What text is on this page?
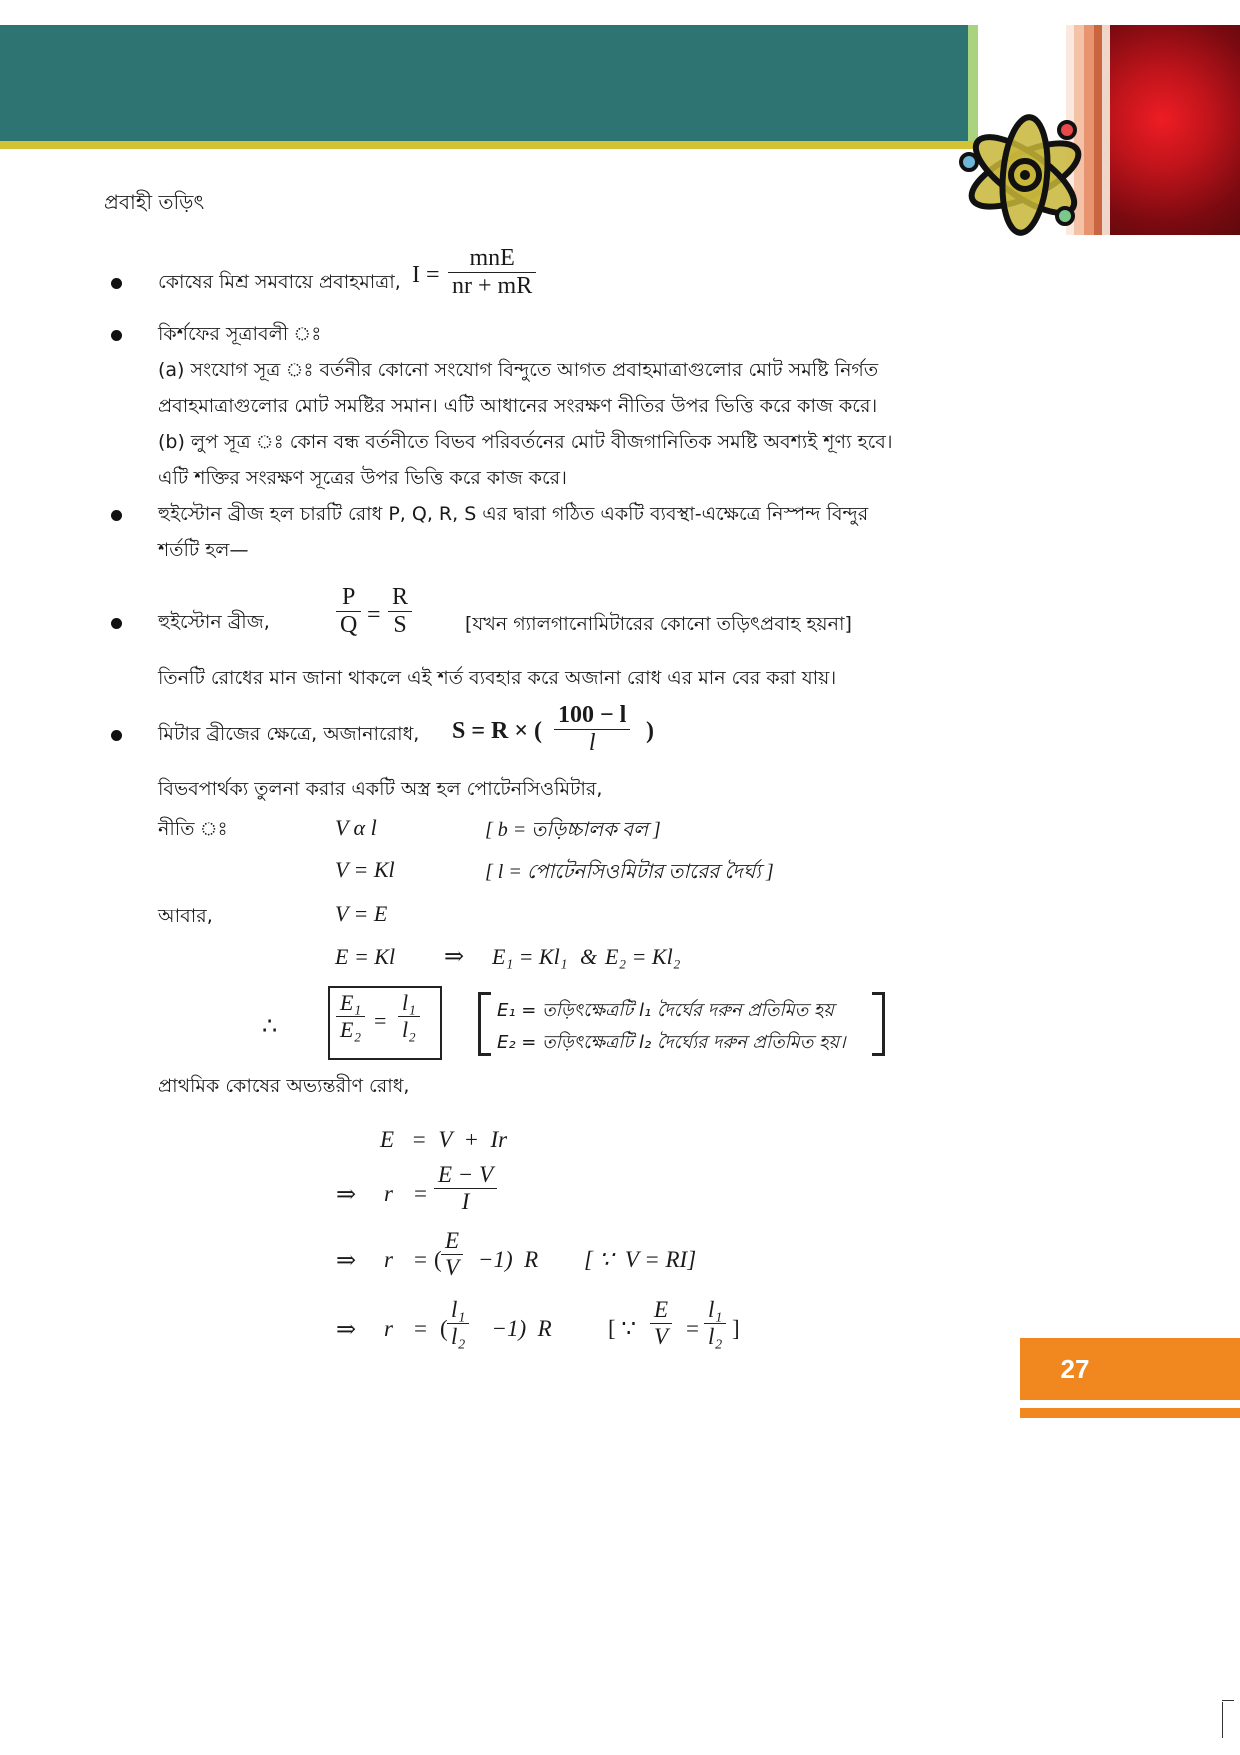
প্রবাহী তড়িৎ
কোষের মিশ্র সমবায়ে প্রবাহমাত্রা, I =
mnE
nr + mR
কির্শফের সূত্রাবলী ঃ
(a) সংযোগ সূত্র ঃ বর্তনীর কোনো সংযোগ বিন্দুতে আগত প্রবাহমাত্রাগুলোর মোট সমষ্টি নির্গত
প্রবাহমাত্রাগুলোর মোট সমষ্টির সমান। এটি আধানের সংরক্ষণ নীতির উপর ভিত্তি করে কাজ করে।
(b) লুপ সূত্র ঃ কোন বন্ধ বর্তনীতে বিভব পরিবর্তনের মোট বীজগানিতিক সমষ্টি অবশ্যই শূণ্য হবে।
এটি শক্তির সংরক্ষণ সূত্রের উপর ভিত্তি করে কাজ করে।
হুইস্টোন ব্রীজ হল চারটি রোধ P, Q, R, S এর দ্বারা গঠিত একটি ব্যবস্থা-এক্ষেত্রে নিস্পন্দ বিন্দুর
শর্তটি হল—
হুইস্টোন ব্রীজ,	$\frac{P}{Q} = \frac{R}{S}$	[যখন গ্যালগানোমিটারের কোনো তড়িৎপ্রবাহ হয়না]
তিনটি রোধের মান জানা থাকলে এই শর্ত ব্যবহার করে অজানা রোধ এর মান বের করা যায়।
মিটার ব্রীজের ক্ষেত্রে, অজানারোধ, S = R × ( $\frac{100 - l}{l}$ )
বিভবপার্থক্য তুলনা করার একটি অস্ত্র হল পোটেনসিওমিটার,
নীতি ঃ	V α l	[ b = তড়িচ্চালক বল ]
V = Kl	[ l = পোটেনসিওমিটার তারের দৈর্ঘ্য ]
আবার,	V = E
E = Kl ⇒ E₁ = Kl₁ & E₂ = Kl₂
∴	$\frac{\text{E₁}}{\text{E₂}} = \frac{\text{l₁}}{\text{l₂}}$	E₁ = তড়িৎক্ষেত্রটি l₁ দৈর্ঘের দরুন প্রতিমিত হয়
E₂ = তড়িৎক্ষেত্রটি l₂ দৈর্ঘ্যের দরুন প্রতিমিত হয়।
প্রাথমিক কোষের অভ্যন্তরীণ রোধ,
E   =  V  +  Ir
⇒ $r = \frac{E - V}{I}$
⇒ r = ( $\frac{E}{V} -1$)  R [ ∵  V = RI]
⇒ r = ( $\frac{\text{l₁}}{\text{l₂}} -1$)  R [ ∵ $\frac{E}{V} = \frac{\text{l₁}}{\text{l₂}}$ ]
27
